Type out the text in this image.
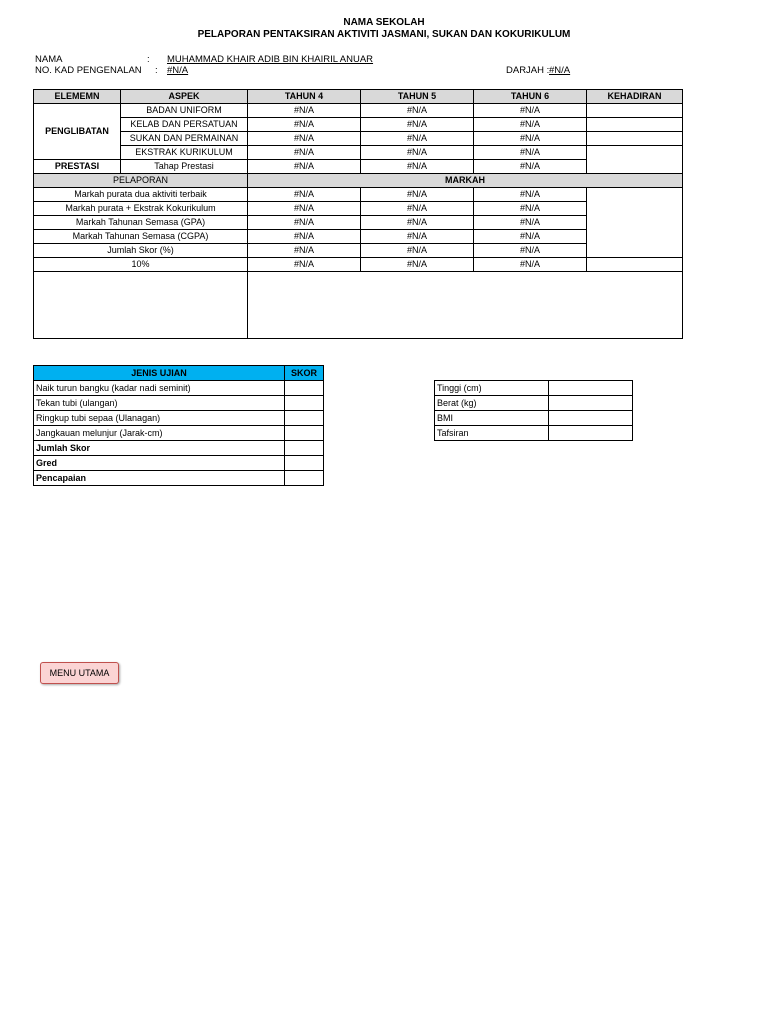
NAMA SEKOLAH
PELAPORAN PENTAKSIRAN AKTIVITI JASMANI, SUKAN DAN KOKURIKULUM
NAMA	: MUHAMMAD KHAIR ADIB BIN KHAIRIL ANUAR
NO. KAD PENGENALAN : #N/A	DARJAH : #N/A
ELEMEMN	ASPEK	TAHUN 4	TAHUN 5	TAHUN 6	KEHADIRAN
PENGLIBATAN	BADAN UNIFORM	#N/A	#N/A	#N/A	
	KELAB DAN PERSATUAN	#N/A	#N/A	#N/A	
	SUKAN DAN PERMAINAN	#N/A	#N/A	#N/A	
	EKSTRAK KURIKULUM	#N/A	#N/A	#N/A	
PRESTASI	Tahap Prestasi	#N/A	#N/A	#N/A	
PELAPORAN		MARKAH			
Markah purata dua aktiviti terbaik		#N/A	#N/A	#N/A	
Markah purata + Ekstrak Kokurikulum		#N/A	#N/A	#N/A	
Markah Tahunan Semasa (GPA)		#N/A	#N/A	#N/A	
Markah Tahunan Semasa (CGPA)		#N/A	#N/A	#N/A	
Jumlah Skor (%)		#N/A	#N/A	#N/A	
10%		#N/A	#N/A	#N/A	

JENIS UJIAN	SKOR
Naik turun bangku (kadar nadi seminit)	
Tekan tubi (ulangan)	
Ringkup tubi sepaa (Ulanagan)	
Jangkauan melunjur (Jarak-cm)	
Jumlah Skor	
Gred	
Pencapaian	
Tinggi (cm)	
Berat (kg)	
BMI	
Tafsiran	
MENU UTAMA
